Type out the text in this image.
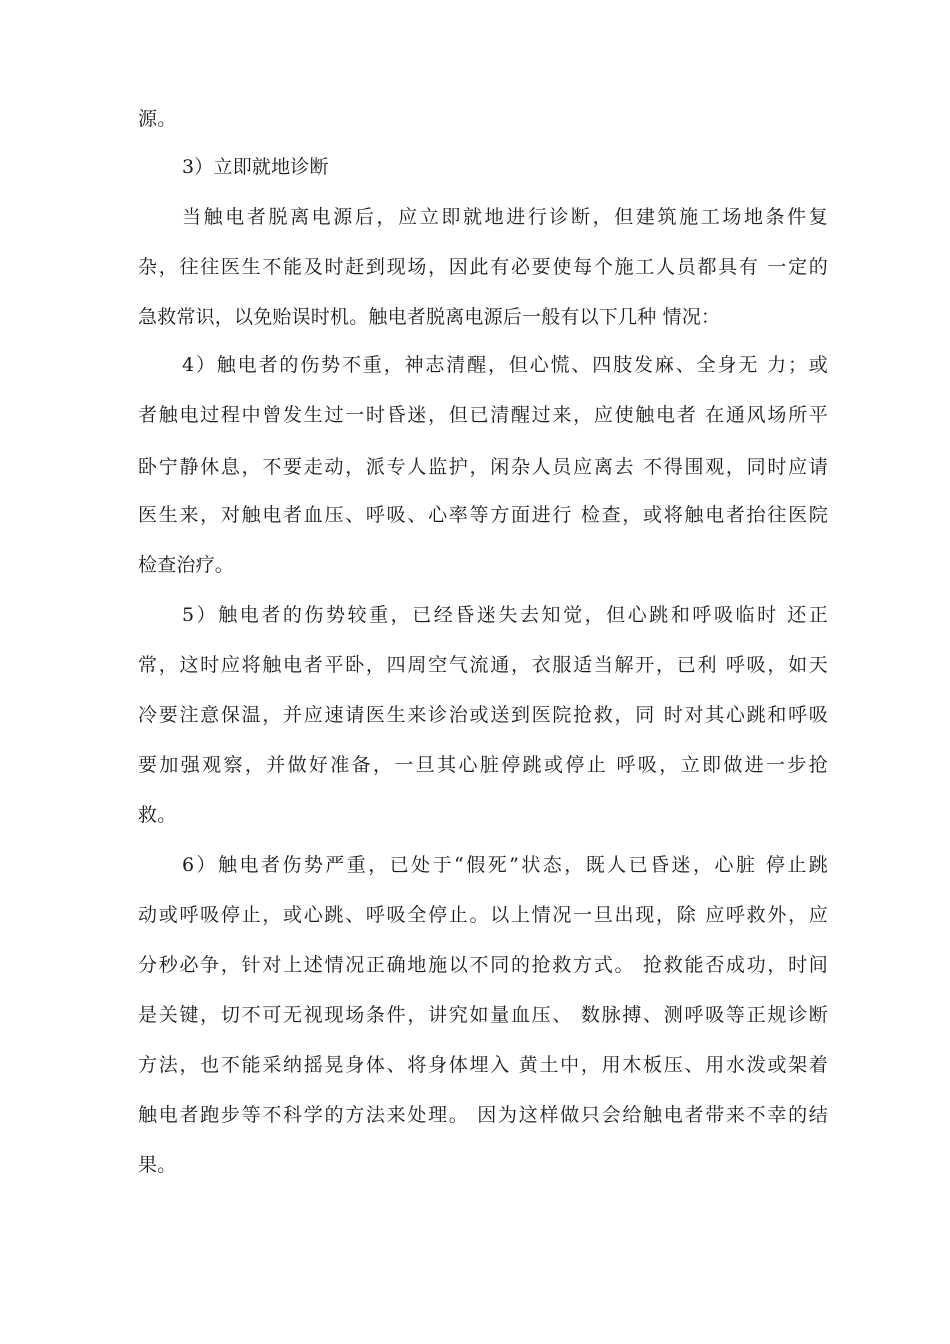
源。
3）立即就地诊断
当触电者脱离电源后，应立即就地进行诊断，但建筑施工场地条件复
杂，往往医生不能及时赶到现场，因此有必要使每个施工人员都具有 一定的
急救常识，以免贻误时机。触电者脱离电源后一般有以下几种 情况：
4）触电者的伤势不重，神志清醒，但心慌、四肢发麻、全身无 力；或
者触电过程中曾发生过一时昏迷，但已清醒过来，应使触电者 在通风场所平
卧宁静休息，不要走动，派专人监护，闲杂人员应离去 不得围观，同时应请
医生来，对触电者血压、呼吸、心率等方面进行 检查，或将触电者抬往医院
检查治疗。
5）触电者的伤势较重，已经昏迷失去知觉，但心跳和呼吸临时 还正
常，这时应将触电者平卧，四周空气流通，衣服适当解开，已利 呼吸，如天
冷要注意保温，并应速请医生来诊治或送到医院抢救，同 时对其心跳和呼吸
要加强观察，并做好准备，一旦其心脏停跳或停止 呼吸，立即做进一步抢
救。
6）触电者伤势严重，已处于“假死”状态，既人已昏迷，心脏 停止跳
动或呼吸停止，或心跳、呼吸全停止。以上情况一旦出现，除 应呼救外，应
分秒必争，针对上述情况正确地施以不同的抢救方式。 抢救能否成功，时间
是关键，切不可无视现场条件，讲究如量血压、 数脉搏、测呼吸等正规诊断
方法，也不能采纳摇晃身体、将身体埋入 黄土中，用木板压、用水泼或架着
触电者跑步等不科学的方法来处理。 因为这样做只会给触电者带来不幸的结
果。
